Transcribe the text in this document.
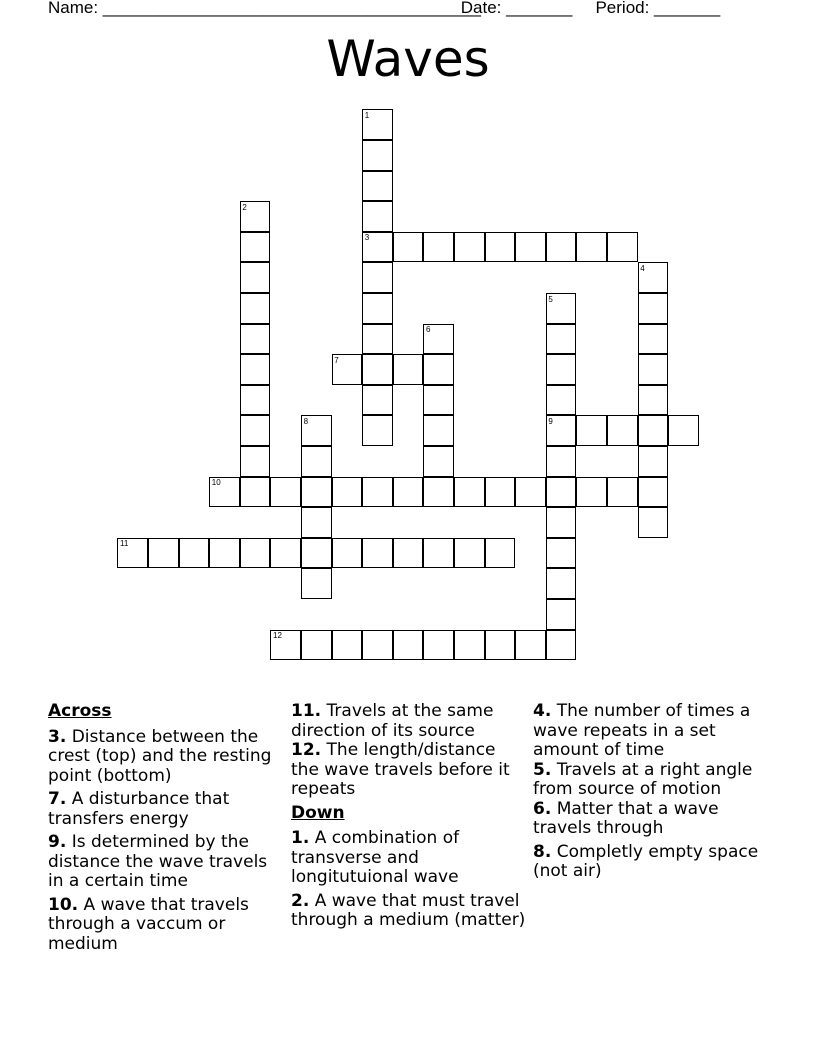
Name: ________________________________________ Date: _______ Period: _______
Waves
1
3
2
4
5
9
6
7
8
10
11
12
Across

3. Distance between the crest (top) and the resting point (bottom)

7. A disturbance that transfers energy

9. Is determined by the distance the wave travels in a certain time

10. A wave that travels through a vaccum or medium

11. Travels at the same direction of its source

12. The length/distance the wave travels before it repeats

Down

1. A combination of transverse and longitutuional wave

2. A wave that must travel through a medium (matter)

4. The number of times a wave repeats in a set amount of time

5. Travels at a right angle from source of motion

6. Matter that a wave travels through

8. Completly empty space (not air)
